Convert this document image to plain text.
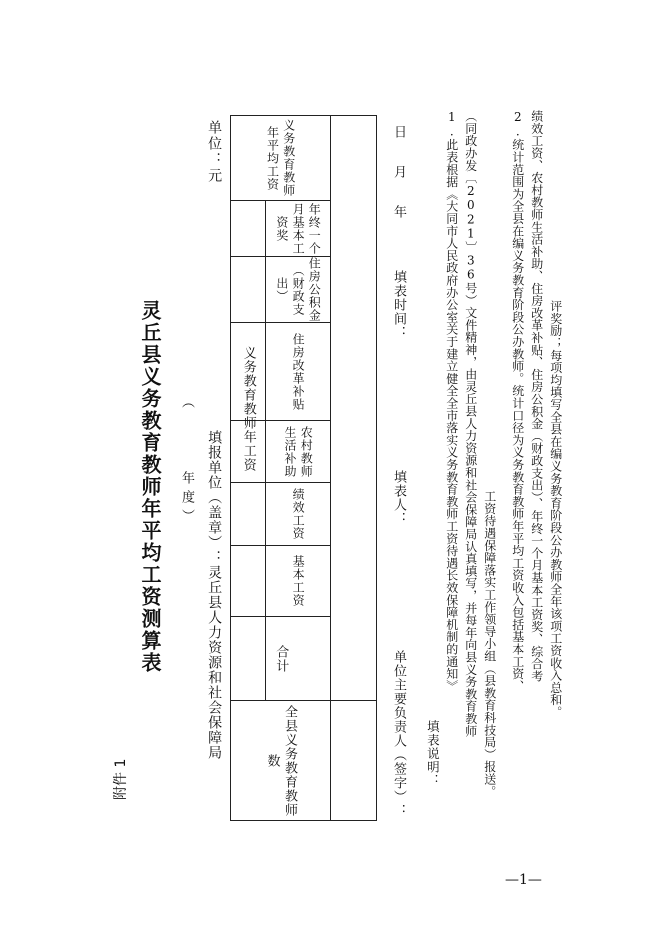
附件 1
灵丘县义务教育教师年平均工资测算表 （　　　年度） 填报单位（盖章）：灵丘县人力资源和社会保障局
单位：元
全县义务教育教师数
合计
义务教育教师年工资
基本工资
绩效工资
农村教师生活补助
住房改革补贴
住房公积金（财政支出）
年终一个月基本工资奖
义务教育教师年平均工资
单位主要负责人（签字）：
填表人：
填表时间：
年
月
日
填表说明：
1.此表根据《大同市人民政府办公室关于建立健全全市落实义务教育教师工资待遇长效保障机制的通知》 （同政办发〔2021〕36号）文件精神，由灵丘县人力资源和社会保障局认真填写，并每年向县义务教育教师 工资待遇保障落实工作领导小组（县教育科技局）报送。 2.统计范围为全县在编义务教育阶段公办教师。统计口径为义务教育教师年平均工资收入包括基本工资、 绩效工资、农村教师生活补助、住房改革补贴、住房公积金（财政支出）、年终一个月基本工资奖、综合考 评奖励；每项均填写全县在编义务教育阶段公办教师全年该项工资收入总和。
—1—
